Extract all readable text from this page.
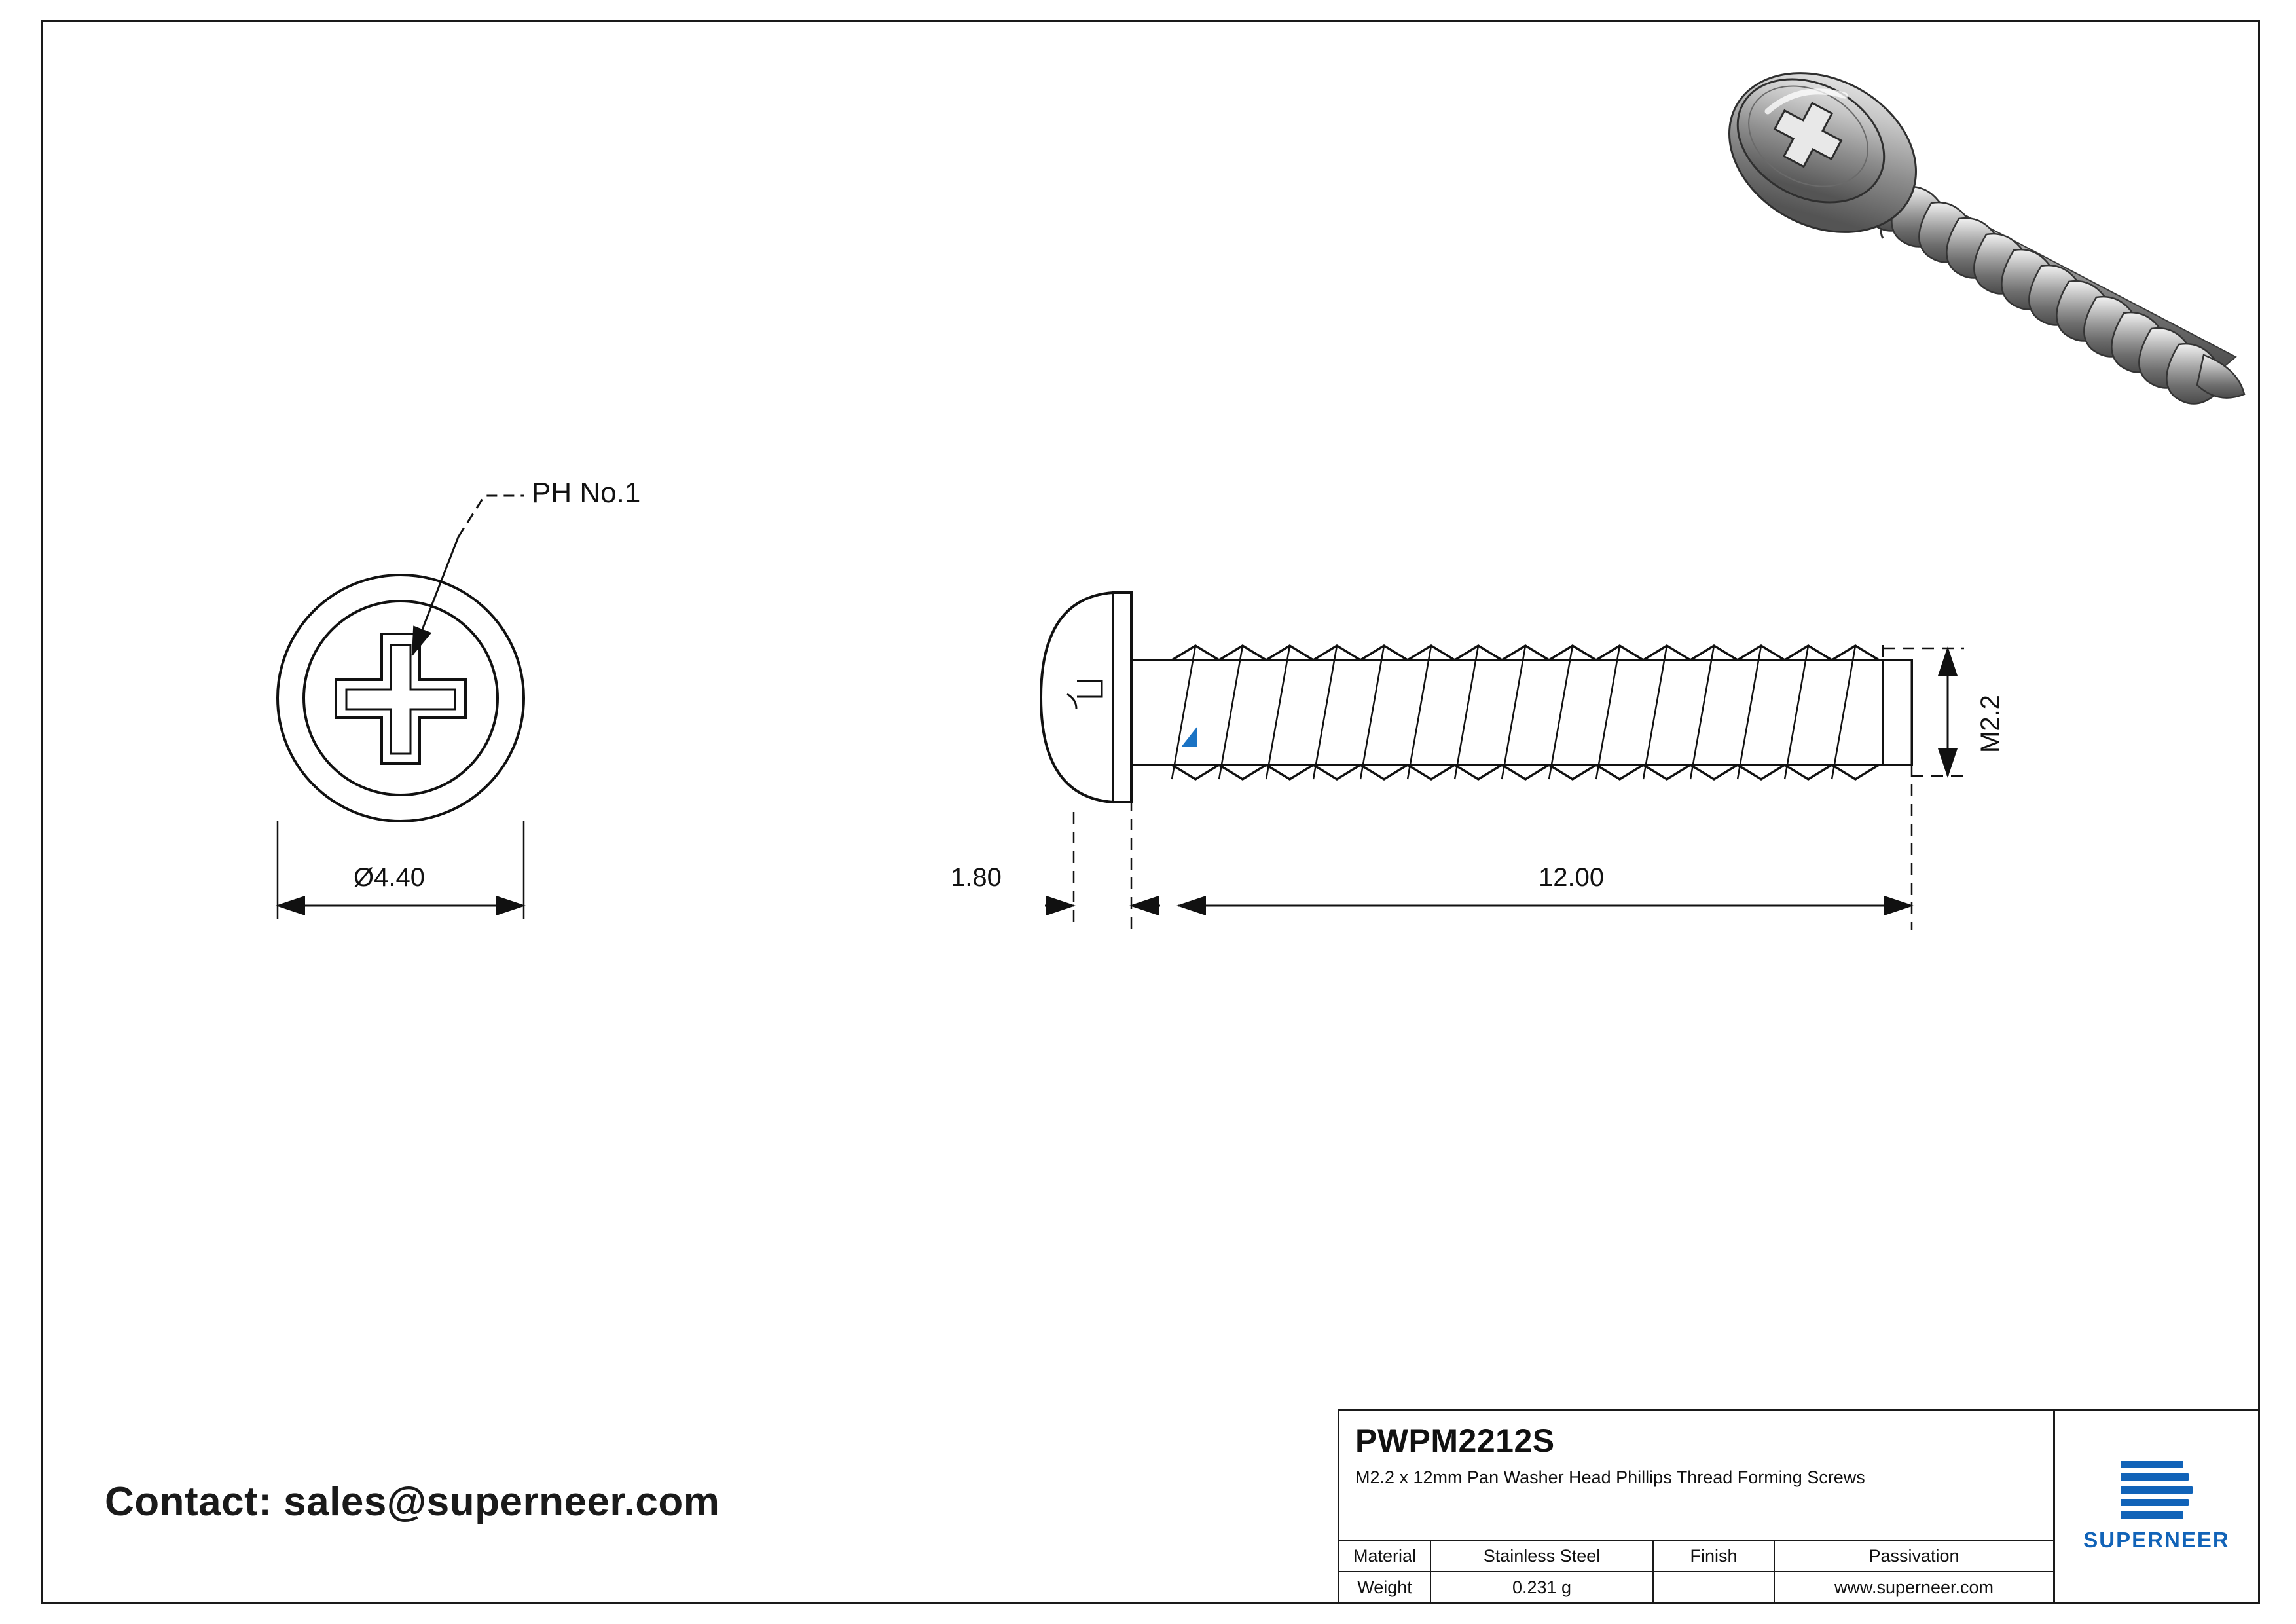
PH No.1
Ø4.40	1.80	12.00
M2.2
Contact: sales@superneer.com
PWPM2212S
M2.2 x 12mm Pan Washer Head Phillips Thread Forming Screws
Material	Stainless Steel	Finish	Passivation
Weight	0.231 g		www.superneer.com
SUPERNEER
